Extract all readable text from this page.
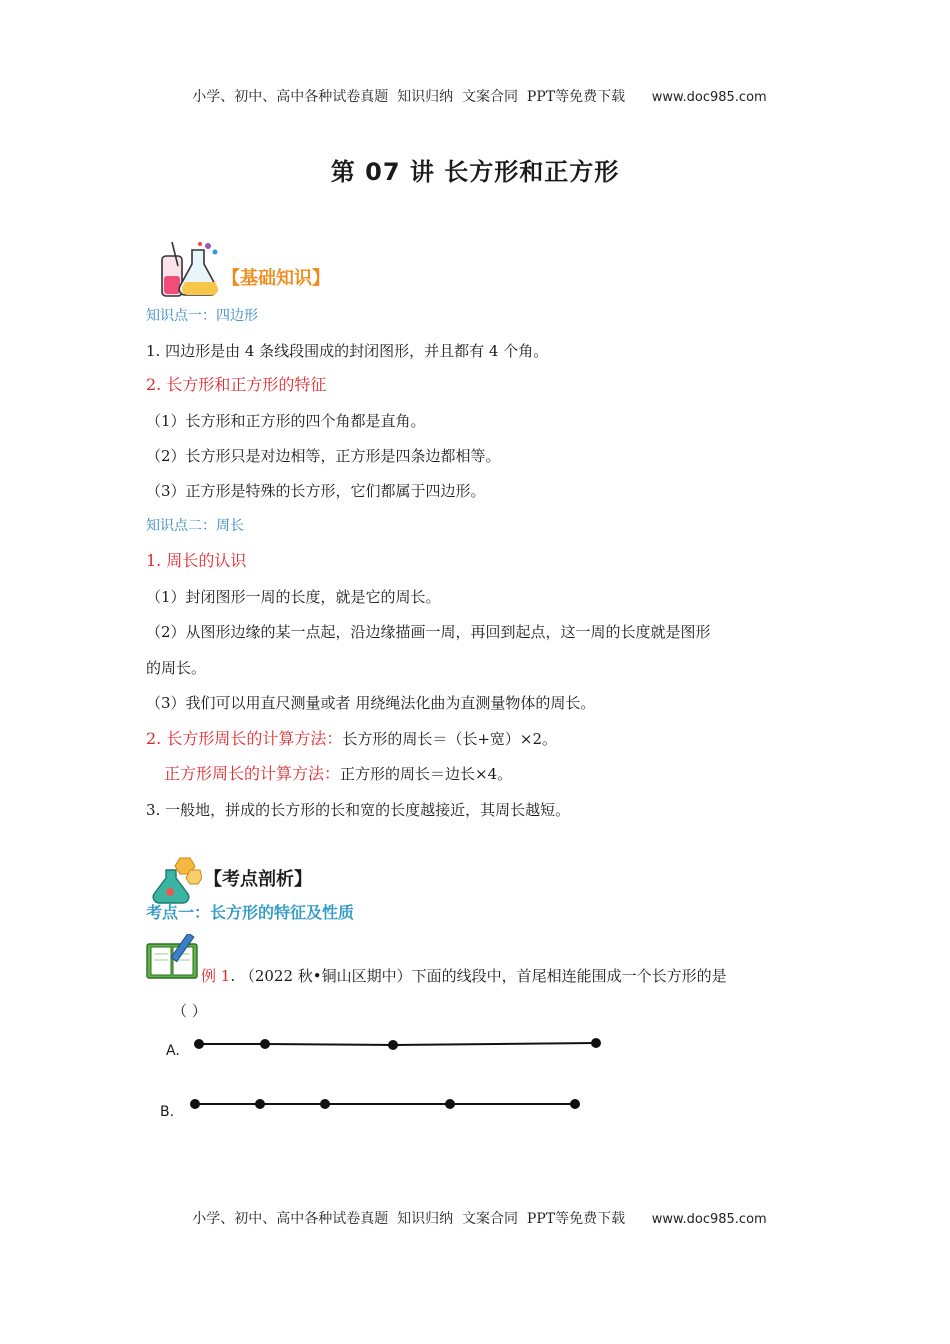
小学、初中、高中各种试卷真题  知识归纳  文案合同  PPT等免费下载 www.doc985.com

第 07 讲 长方形和正方形
【基础知识】
知识点一：四边形
1. 四边形是由 4 条线段围成的封闭图形，并且都有 4 个角。
2. 长方形和正方形的特征
（1）长方形和正方形的四个角都是直角。
（2）长方形只是对边相等，正方形是四条边都相等。
（3）正方形是特殊的长方形，它们都属于四边形。
知识点二：周长
1. 周长的认识
（1）封闭图形一周的长度，就是它的周长。
（2）从图形边缘的某一点起，沿边缘描画一周，再回到起点，这一周的长度就是图形
的周长。
（3）我们可以用直尺测量或者 用绕绳法化曲为直测量物体的周长。
2. 长方形周长的计算方法：长方形的周长＝（长+宽）×2。
正方形周长的计算方法：正方形的周长＝边长×4。
3. 一般地，拼成的长方形的长和宽的长度越接近，其周长越短。
【考点剖析】
考点一：长方形的特征及性质
例 1. （2022 秋•铜山区期中）下面的线段中，首尾相连能围成一个长方形的是
（ ）
A.
B.

小学、初中、高中各种试卷真题  知识归纳  文案合同  PPT等免费下载 www.doc985.com
